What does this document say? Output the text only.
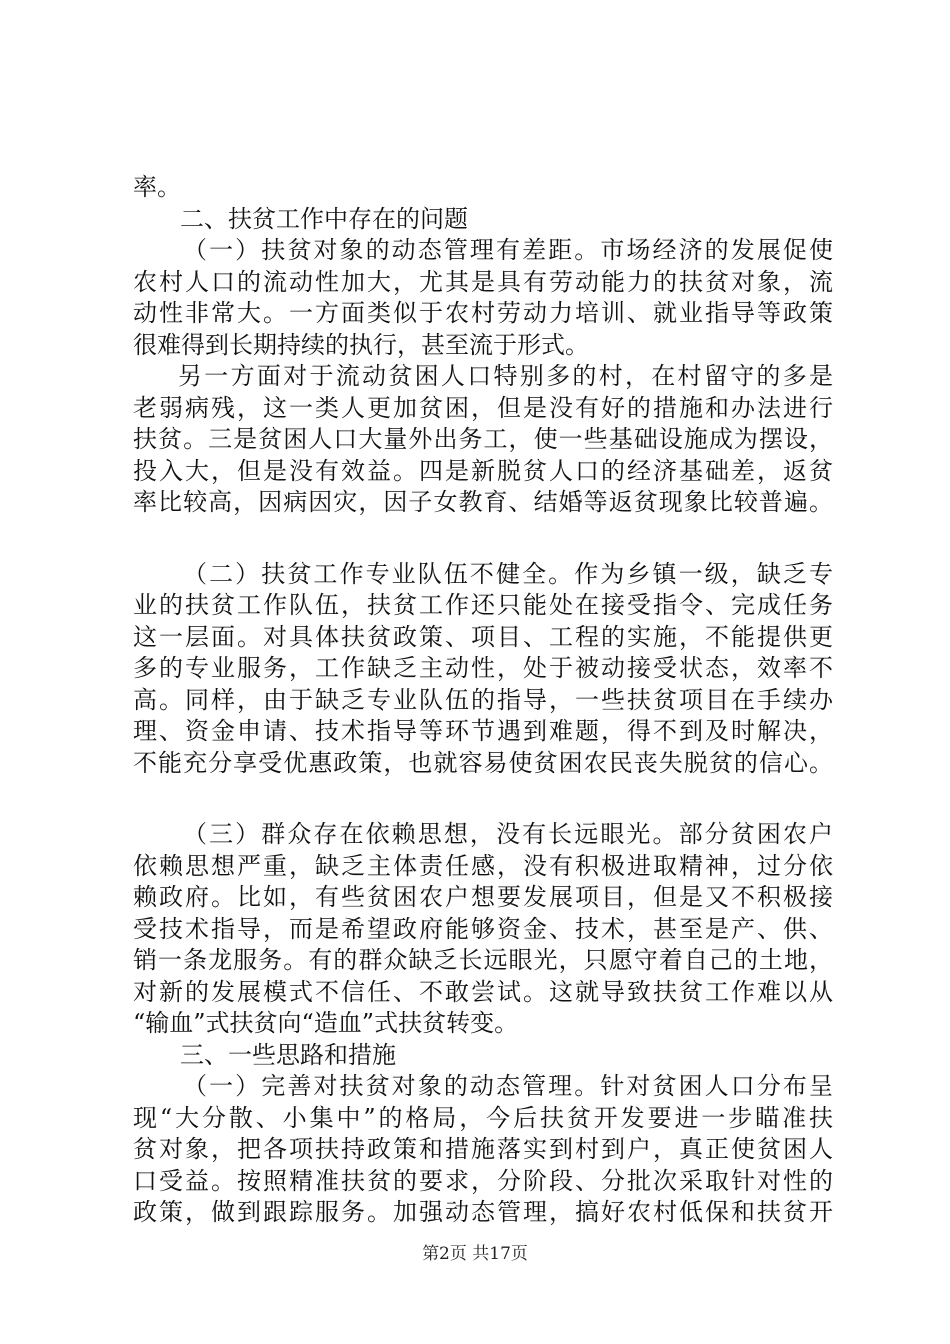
率。
二、扶贫工作中存在的问题
（一）扶贫对象的动态管理有差距。市场经济的发展促使
农村人口的流动性加大，尤其是具有劳动能力的扶贫对象，流
动性非常大。一方面类似于农村劳动力培训、就业指导等政策
很难得到长期持续的执行，甚至流于形式。
另一方面对于流动贫困人口特别多的村，在村留守的多是
老弱病残，这一类人更加贫困，但是没有好的措施和办法进行
扶贫。三是贫困人口大量外出务工，使一些基础设施成为摆设，
投入大，但是没有效益。四是新脱贫人口的经济基础差，返贫
率比较高，因病因灾，因子女教育、结婚等返贫现象比较普遍。
（二）扶贫工作专业队伍不健全。作为乡镇一级，缺乏专
业的扶贫工作队伍，扶贫工作还只能处在接受指令、完成任务
这一层面。对具体扶贫政策、项目、工程的实施，不能提供更
多的专业服务，工作缺乏主动性，处于被动接受状态，效率不
高。同样，由于缺乏专业队伍的指导，一些扶贫项目在手续办
理、资金申请、技术指导等环节遇到难题，得不到及时解决，
不能充分享受优惠政策，也就容易使贫困农民丧失脱贫的信心。
（三）群众存在依赖思想，没有长远眼光。部分贫困农户
依赖思想严重，缺乏主体责任感，没有积极进取精神，过分依
赖政府。比如，有些贫困农户想要发展项目，但是又不积极接
受技术指导，而是希望政府能够资金、技术，甚至是产、供、
销一条龙服务。有的群众缺乏长远眼光，只愿守着自己的土地，
对新的发展模式不信任、不敢尝试。这就导致扶贫工作难以从
“输血”式扶贫向“造血”式扶贫转变。
三、一些思路和措施
（一）完善对扶贫对象的动态管理。针对贫困人口分布呈
现“大分散、小集中”的格局，今后扶贫开发要进一步瞄准扶
贫对象，把各项扶持政策和措施落实到村到户，真正使贫困人
口受益。按照精准扶贫的要求，分阶段、分批次采取针对性的
政策，做到跟踪服务。加强动态管理，搞好农村低保和扶贫开
第2页 共17页
